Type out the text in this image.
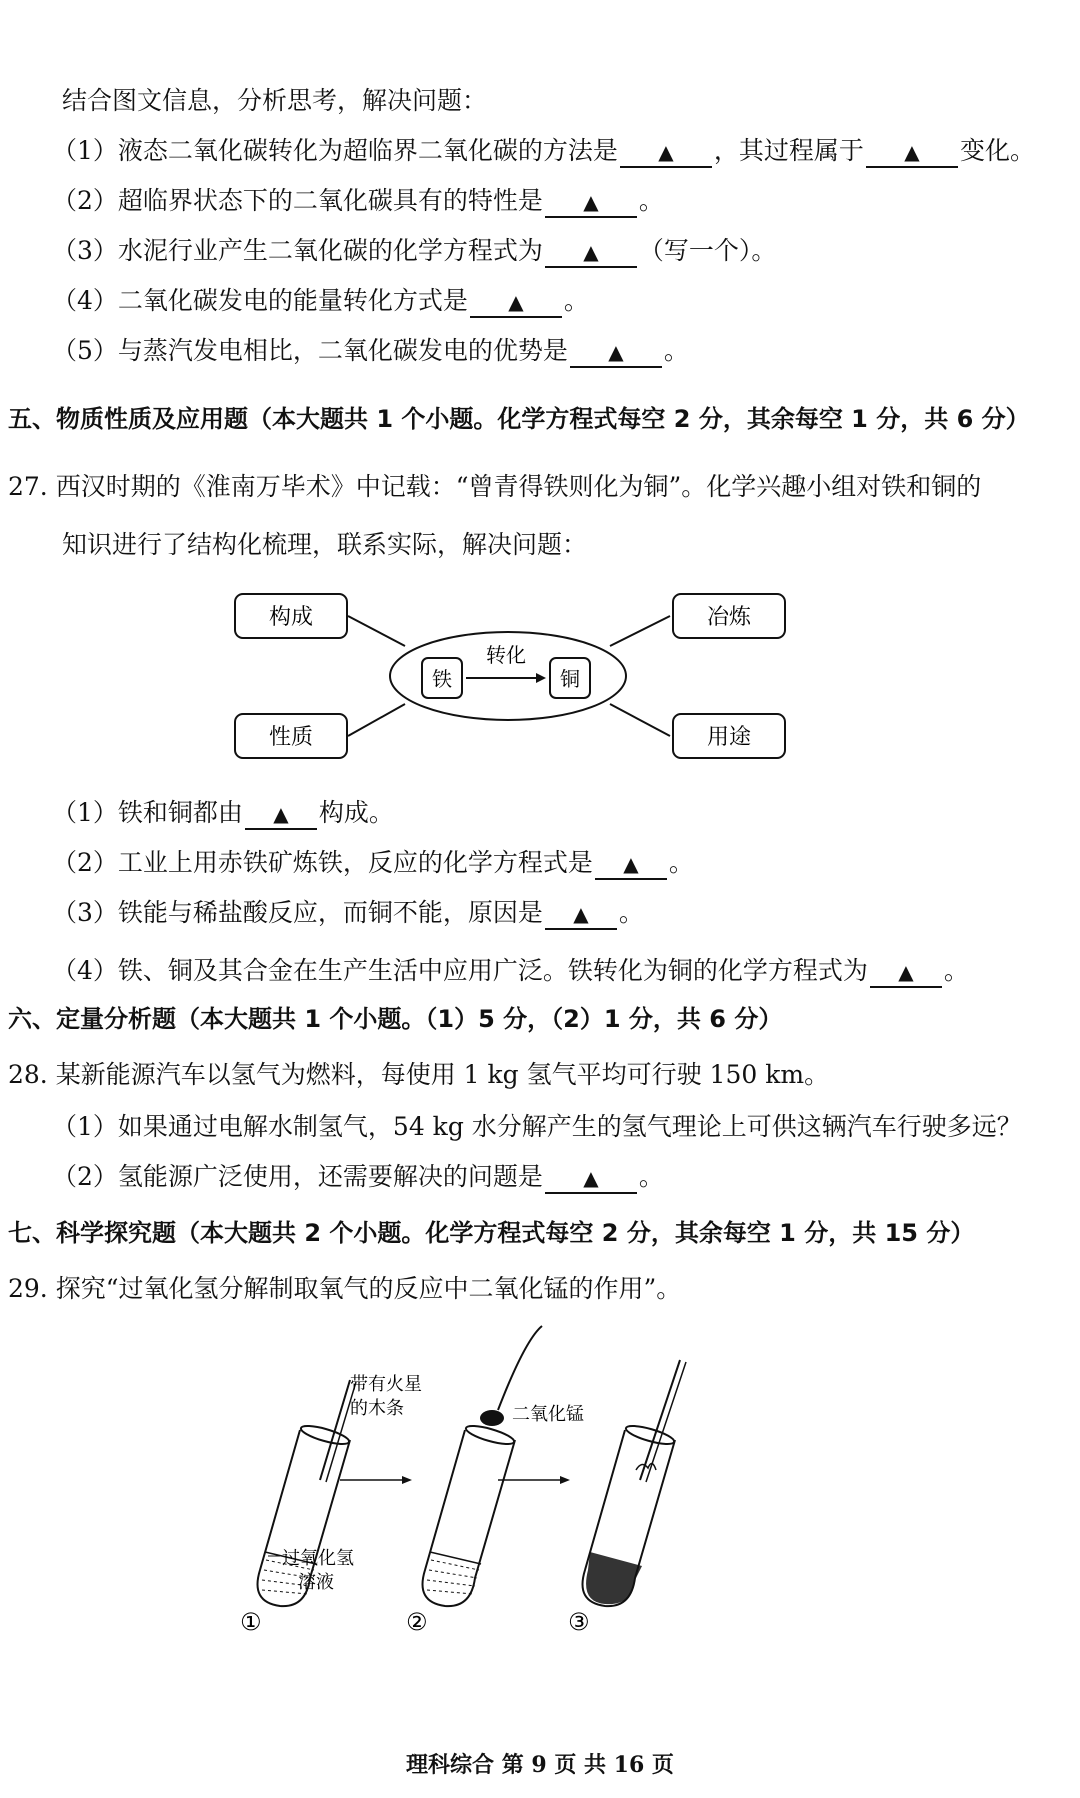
结合图文信息，分析思考，解决问题：
（1）液态二氧化碳转化为超临界二氧化碳的方法是 ▲ ，其过程属于 ▲ 变化。
（2）超临界状态下的二氧化碳具有的特性是 ▲ 。
（3）水泥行业产生二氧化碳的化学方程式为 ▲ （写一个）。
（4）二氧化碳发电的能量转化方式是 ▲ 。
（5）与蒸汽发电相比，二氧化碳发电的优势是 ▲ 。
五、物质性质及应用题（本大题共 1 个小题。化学方程式每空 2 分，其余每空 1 分，共 6 分）
27. 西汉时期的《淮南万毕术》中记载：“曾青得铁则化为铜”。化学兴趣小组对铁和铜的
知识进行了结构化梳理，联系实际，解决问题：
构成	冶炼
性质	用途
铁	铜
转化
（1）铁和铜都由 ▲ 构成。
（2）工业上用赤铁矿炼铁，反应的化学方程式是 ▲ 。
（3）铁能与稀盐酸反应，而铜不能，原因是 ▲ 。
（4）铁、铜及其合金在生产生活中应用广泛。铁转化为铜的化学方程式为 ▲ 。
六、定量分析题（本大题共 1 个小题。（1）5 分，（2）1 分，共 6 分）
28. 某新能源汽车以氢气为燃料，每使用 1 kg 氢气平均可行驶 150 km。
（1）如果通过电解水制氢气，54 kg 水分解产生的氢气理论上可供这辆汽车行驶多远？
（2）氢能源广泛使用，还需要解决的问题是 ▲ 。
七、科学探究题（本大题共 2 个小题。化学方程式每空 2 分，其余每空 1 分，共 15 分）
29. 探究“过氧化氢分解制取氧气的反应中二氧化锰的作用”。
带有火星
的木条
过氧化氢
溶液
①
二氧化锰
②	③
理科综合 第 9 页 共 16 页
